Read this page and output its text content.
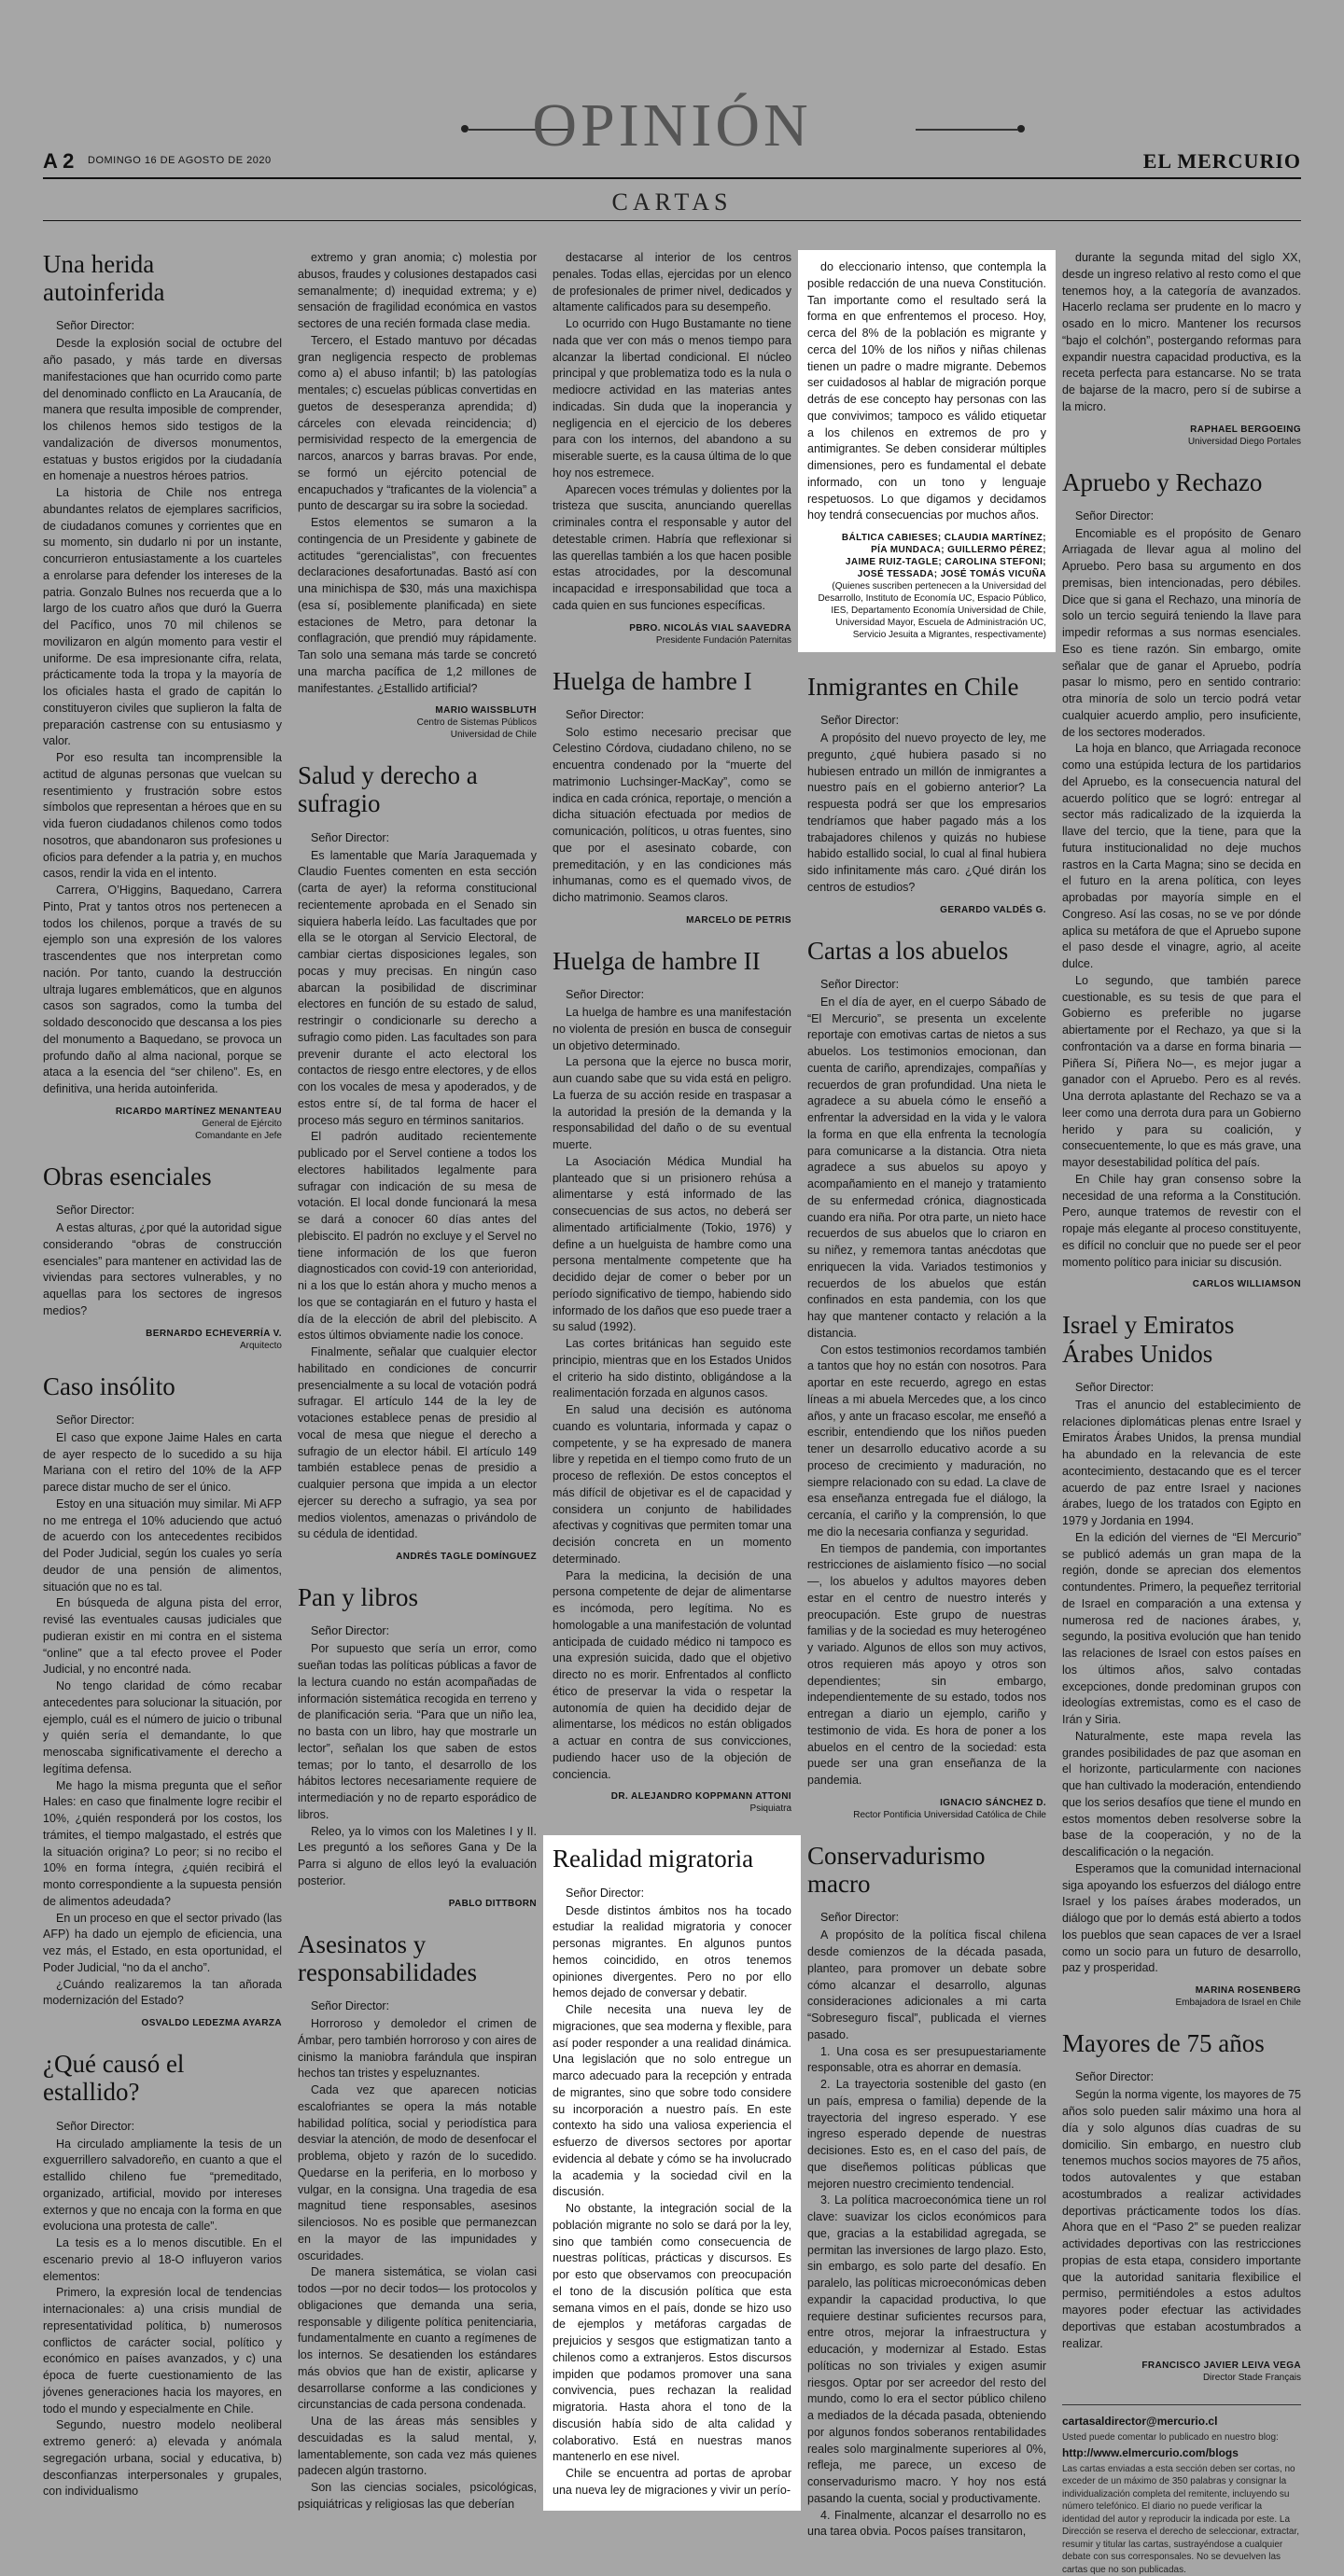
OPINIÓN
A 2 DOMINGO 16 DE AGOSTO DE 2020	EL MERCURIO
CARTAS
Una herida autoinferida
Señor Director:

Desde la explosión social de octubre del año pasado, y más tarde en diversas manifestaciones que han ocurrido como parte del denominado conflicto en La Araucanía, de manera que resulta imposible de comprender, los chilenos hemos sido testigos de la vandalización de diversos monumentos, estatuas y bustos erigidos por la ciudadanía en homenaje a nuestros héroes patrios.

La historia de Chile nos entrega abundantes relatos de ejemplares sacrificios, de ciudadanos comunes y corrientes que en su momento, sin dudarlo ni por un instante, concurrieron entusiastamente a los cuarteles a enrolarse para defender los intereses de la patria. Gonzalo Bulnes nos recuerda que a lo largo de los cuatro años que duró la Guerra del Pacífico, unos 70 mil chilenos se movilizaron en algún momento para vestir el uniforme. De esa impresionante cifra, relata, prácticamente toda la tropa y la mayoría de los oficiales hasta el grado de capitán lo constituyeron civiles que suplieron la falta de preparación castrense con su entusiasmo y valor.

Por eso resulta tan incomprensible la actitud de algunas personas que vuelcan su resentimiento y frustración sobre estos símbolos que representan a héroes que en su vida fueron ciudadanos chilenos como todos nosotros, que abandonaron sus profesiones u oficios para defender a la patria y, en muchos casos, rendir la vida en el intento.

Carrera, O’Higgins, Baquedano, Carrera Pinto, Prat y tantos otros nos pertenecen a todos los chilenos, porque a través de su ejemplo son una expresión de los valores trascendentes que nos interpretan como nación. Por tanto, cuando la destrucción ultraja lugares emblemáticos, que en algunos casos son sagrados, como la tumba del soldado desconocido que descansa a los pies del monumento a Baquedano, se provoca un profundo daño al alma nacional, porque se ataca a la esencia del “ser chileno”. Es, en definitiva, una herida autoinferida.

RICARDO MARTÍNEZ MENANTEAU
General de Ejército
Comandante en Jefe
Obras esenciales
Señor Director:

A estas alturas, ¿por qué la autoridad sigue considerando “obras de construcción esenciales” para mantener en actividad las de viviendas para sectores vulnerables, y no aquellas para los sectores de ingresos medios?

BERNARDO ECHEVERRÍA V.
Arquitecto
Caso insólito
Señor Director:

El caso que expone Jaime Hales en carta de ayer respecto de lo sucedido a su hija Mariana con el retiro del 10% de la AFP parece distar mucho de ser el único.

Estoy en una situación muy similar. Mi AFP no me entrega el 10% aduciendo que actuó de acuerdo con los antecedentes recibidos del Poder Judicial, según los cuales yo sería deudor de una pensión de alimentos, situación que no es tal.

En búsqueda de alguna pista del error, revisé las eventuales causas judiciales que pudieran existir en mi contra en el sistema “online” que a tal efecto provee el Poder Judicial, y no encontré nada.

No tengo claridad de cómo recabar antecedentes para solucionar la situación, por ejemplo, cuál es el número de juicio o tribunal y quién sería el demandante, lo que menoscaba significativamente el derecho a legítima defensa.

Me hago la misma pregunta que el señor Hales: en caso que finalmente logre recibir el 10%, ¿quién responderá por los costos, los trámites, el tiempo malgastado, el estrés que la situación origina? Lo peor; si no recibo el 10% en forma íntegra, ¿quién recibirá el monto correspondiente a la supuesta pensión de alimentos adeudada?

En un proceso en que el sector privado (las AFP) ha dado un ejemplo de eficiencia, una vez más, el Estado, en esta oportunidad, el Poder Judicial, “no da el ancho”.

¿Cuándo realizaremos la tan añorada modernización del Estado?

OSVALDO LEDEZMA AYARZA
¿Qué causó el estallido?
Señor Director:

Ha circulado ampliamente la tesis de un exguerrillero salvadoreño, en cuanto a que el estallido chileno fue “premeditado, organizado, artificial, movido por intereses externos y que no encaja con la forma en que evoluciona una protesta de calle”.

La tesis es a lo menos discutible. En el escenario previo al 18-O influyeron varios elementos:

Primero, la expresión local de tendencias internacionales: a) una crisis mundial de representatividad política, b) numerosos conflictos de carácter social, político y económico en países avanzados, y c) una época de fuerte cuestionamiento de las jóvenes generaciones hacia los mayores, en todo el mundo y especialmente en Chile.

Segundo, nuestro modelo neoliberal extremo generó: a) elevada y anómala segregación urbana, social y educativa, b) desconfianzas interpersonales y grupales, con individualismo

extremo y gran anomia; c) molestia por abusos, fraudes y colusiones destapados casi semanalmente; d) inequidad extrema; y e) sensación de fragilidad económica en vastos sectores de una recién formada clase media.

Tercero, el Estado mantuvo por décadas gran negligencia respecto de problemas como a) el abuso infantil; b) las patologías mentales; c) escuelas públicas convertidas en guetos de desesperanza aprendida; d) cárceles con elevada reincidencia; d) permisividad respecto de la emergencia de narcos, anarcos y barras bravas. Por ende, se formó un ejército potencial de encapuchados y “traficantes de la violencia” a punto de descargar su ira sobre la sociedad.

Estos elementos se sumaron a la contingencia de un Presidente y gabinete de actitudes “gerencialistas”, con frecuentes declaraciones desafortunadas. Bastó así con una minichispa de $30, más una maxichispa (esa sí, posiblemente planificada) en siete estaciones de Metro, para detonar la conflagración, que prendió muy rápidamente. Tan solo una semana más tarde se concretó una marcha pacífica de 1,2 millones de manifestantes. ¿Estallido artificial?

MARIO WAISSBLUTH
Centro de Sistemas Públicos
Universidad de Chile
Salud y derecho a sufragio
Señor Director:

Es lamentable que María Jaraquemada y Claudio Fuentes comenten en esta sección (carta de ayer) la reforma constitucional recientemente aprobada en el Senado sin siquiera haberla leído. Las facultades que por ella se le otorgan al Servicio Electoral, de cambiar ciertas disposiciones legales, son pocas y muy precisas. En ningún caso abarcan la posibilidad de discriminar electores en función de su estado de salud, restringir o condicionarle su derecho a sufragio como piden. Las facultades son para prevenir durante el acto electoral los contactos de riesgo entre electores, y de ellos con los vocales de mesa y apoderados, y de estos entre sí, de tal forma de hacer el proceso más seguro en términos sanitarios.

El padrón auditado recientemente publicado por el Servel contiene a todos los electores habilitados legalmente para sufragar con indicación de su mesa de votación. El local donde funcionará la mesa se dará a conocer 60 días antes del plebiscito. El padrón no excluye y el Servel no tiene información de los que fueron diagnosticados con covid-19 con anterioridad, ni a los que lo están ahora y mucho menos a los que se contagiarán en el futuro y hasta el día de la elección de abril del plebiscito. A estos últimos obviamente nadie los conoce.

Finalmente, señalar que cualquier elector habilitado en condiciones de concurrir presencialmente a su local de votación podrá sufragar. El artículo 144 de la ley de votaciones establece penas de presidio al vocal de mesa que niegue el derecho a sufragio de un elector hábil. El artículo 149 también establece penas de presidio a cualquier persona que impida a un elector ejercer su derecho a sufragio, ya sea por medios violentos, amenazas o privándolo de su cédula de identidad.

ANDRÉS TAGLE DOMÍNGUEZ
Pan y libros
Señor Director:

Por supuesto que sería un error, como sueñan todas las políticas públicas a favor de la lectura cuando no están acompañadas de información sistemática recogida en terreno y de planificación seria. “Para que un niño lea, no basta con un libro, hay que mostrarle un lector”, señalan los que saben de estos temas; por lo tanto, el desarrollo de los hábitos lectores necesariamente requiere de intermediación y no de reparto esporádico de libros.

Releo, ya lo vimos con los Maletines I y II. Les preguntó a los señores Gana y De la Parra si alguno de ellos leyó la evaluación posterior.

PABLO DITTBORN
Asesinatos y responsabilidades
Señor Director:

Horroroso y demoledor el crimen de Ámbar, pero también horroroso y con aires de cinismo la maniobra farándula que inspiran hechos tan tristes y espeluznantes.

Cada vez que aparecen noticias escalofriantes se opera la más notable habilidad política, social y periodística para desviar la atención, de modo de desenfocar el problema, objeto y razón de lo sucedido. Quedarse en la periferia, en lo morboso y vulgar, en la consigna. Una tragedia de esa magnitud tiene responsables, asesinos silenciosos. No es posible que permanezcan en la mayor de las impunidades y oscuridades.

De manera sistemática, se violan casi todos —por no decir todos— los protocolos y obligaciones que demanda una seria, responsable y diligente política penitenciaria, fundamentalmente en cuanto a regímenes de los internos. Se desatienden los estándares más obvios que han de existir, aplicarse y desarrollarse conforme a las condiciones y circunstancias de cada persona condenada.

Una de las áreas más sensibles y descuidadas es la salud mental, y, lamentablemente, son cada vez más quienes padecen algún trastorno.

Son las ciencias sociales, psicológicas, psiquiátricas y religiosas las que deberían

destacarse al interior de los centros penales. Todas ellas, ejercidas por un elenco de profesionales de primer nivel, dedicados y altamente calificados para su desempeño.

Lo ocurrido con Hugo Bustamante no tiene nada que ver con más o menos tiempo para alcanzar la libertad condicional. El núcleo principal y que problematiza todo es la nula o mediocre actividad en las materias antes indicadas. Sin duda que la inoperancia y negligencia en el ejercicio de los deberes para con los internos, del abandono a su miserable suerte, es la causa última de lo que hoy nos estremece.

Aparecen voces trémulas y dolientes por la tristeza que suscita, anunciando querellas criminales contra el responsable y autor del detestable crimen. Habría que reflexionar si las querellas también a los que hacen posible estas atrocidades, por la descomunal incapacidad e irresponsabilidad que toca a cada quien en sus funciones específicas.

PBRO. NICOLÁS VIAL SAAVEDRA
Presidente Fundación Paternitas
Huelga de hambre I
Señor Director:

Solo estimo necesario precisar que Celestino Córdova, ciudadano chileno, no se encuentra condenado por la “muerte del matrimonio Luchsinger-MacKay”, como se indica en cada crónica, reportaje, o mención a dicha situación efectuada por medios de comunicación, políticos, u otras fuentes, sino que por el asesinato cobarde, con premeditación, y en las condiciones más inhumanas, como es el quemado vivos, de dicho matrimonio. Seamos claros.

MARCELO DE PETRIS
Huelga de hambre II
Señor Director:

La huelga de hambre es una manifestación no violenta de presión en busca de conseguir un objetivo determinado.

La persona que la ejerce no busca morir, aun cuando sabe que su vida está en peligro. La fuerza de su acción reside en traspasar a la autoridad la presión de la demanda y la responsabilidad del daño o de su eventual muerte.

La Asociación Médica Mundial ha planteado que si un prisionero rehúsa a alimentarse y está informado de las consecuencias de sus actos, no deberá ser alimentado artificialmente (Tokio, 1976) y define a un huelguista de hambre como una persona mentalmente competente que ha decidido dejar de comer o beber por un período significativo de tiempo, habiendo sido informado de los daños que eso puede traer a su salud (1992).

Las cortes británicas han seguido este principio, mientras que en los Estados Unidos el criterio ha sido distinto, obligándose a la realimentación forzada en algunos casos.

En salud una decisión es autónoma cuando es voluntaria, informada y capaz o competente, y se ha expresado de manera libre y repetida en el tiempo como fruto de un proceso de reflexión. De estos conceptos el más difícil de objetivar es el de capacidad y considera un conjunto de habilidades afectivas y cognitivas que permiten tomar una decisión concreta en un momento determinado.

Para la medicina, la decisión de una persona competente de dejar de alimentarse es incómoda, pero legítima. No es homologable a una manifestación de voluntad anticipada de cuidado médico ni tampoco es una expresión suicida, dado que el objetivo directo no es morir. Enfrentados al conflicto ético de preservar la vida o respetar la autonomía de quien ha decidido dejar de alimentarse, los médicos no están obligados a actuar en contra de sus convicciones, pudiendo hacer uso de la objeción de conciencia.

DR. ALEJANDRO KOPPMANN ATTONI
Psiquiatra
Realidad migratoria
Señor Director:

Desde distintos ámbitos nos ha tocado estudiar la realidad migratoria y conocer personas migrantes. En algunos puntos hemos coincidido, en otros tenemos opiniones divergentes. Pero no por ello hemos dejado de conversar y debatir.

Chile necesita una nueva ley de migraciones, que sea moderna y flexible, para así poder responder a una realidad dinámica. Una legislación que no solo entregue un marco adecuado para la recepción y entrada de migrantes, sino que sobre todo considere su incorporación a nuestro país. En este contexto ha sido una valiosa experiencia el esfuerzo de diversos sectores por aportar evidencia al debate y cómo se ha involucrado la academia y la sociedad civil en la discusión.

No obstante, la integración social de la población migrante no solo se dará por la ley, sino que también como consecuencia de nuestras políticas, prácticas y discursos. Es por esto que observamos con preocupación el tono de la discusión política que esta semana vimos en el país, donde se hizo uso de ejemplos y metáforas cargadas de prejuicios y sesgos que estigmatizan tanto a chilenos como a extranjeros. Estos discursos impiden que podamos promover una sana convivencia, pues rechazan la realidad migratoria. Hasta ahora el tono de la discusión había sido de alta calidad y colaborativo. Está en nuestras manos mantenerlo en ese nivel.

Chile se encuentra ad portas de aprobar una nueva ley de migraciones y vivir un perío-

do eleccionario intenso, que contempla la posible redacción de una nueva Constitución. Tan importante como el resultado será la forma en que enfrentemos el proceso. Hoy, cerca del 8% de la población es migrante y cerca del 10% de los niños y niñas chilenas tienen un padre o madre migrante. Debemos ser cuidadosos al hablar de migración porque detrás de ese concepto hay personas con las que convivimos; tampoco es válido etiquetar a los chilenos en extremos de pro y antimigrantes. Se deben considerar múltiples dimensiones, pero es fundamental el debate informado, con un tono y lenguaje respetuosos. Lo que digamos y decidamos hoy tendrá consecuencias por muchos años.

BÁLTICA CABIESES; CLAUDIA MARTÍNEZ;
PÍA MUNDACA; GUILLERMO PÉREZ;
JAIME RUIZ-TAGLE; CAROLINA STEFONI;
JOSÉ TESSADA; JOSÉ TOMÁS VICUÑA
(Quienes suscriben pertenecen a la Universidad del Desarrollo, Instituto de Economía UC, Espacio Público, IES, Departamento Economía Universidad de Chile, Universidad Mayor, Escuela de Administración UC, Servicio Jesuita a Migrantes, respectivamente)
Inmigrantes en Chile
Señor Director:

A propósito del nuevo proyecto de ley, me pregunto, ¿qué hubiera pasado si no hubiesen entrado un millón de inmigrantes a nuestro país en el gobierno anterior? La respuesta podrá ser que los empresarios tendríamos que haber pagado más a los trabajadores chilenos y quizás no hubiese habido estallido social, lo cual al final hubiera sido infinitamente más caro. ¿Qué dirán los centros de estudios?

GERARDO VALDÉS G.
Cartas a los abuelos
Señor Director:

En el día de ayer, en el cuerpo Sábado de “El Mercurio”, se presenta un excelente reportaje con emotivas cartas de nietos a sus abuelos. Los testimonios emocionan, dan cuenta de cariño, aprendizajes, compañías y recuerdos de gran profundidad. Una nieta le agradece a su abuela cómo le enseñó a enfrentar la adversidad en la vida y le valora la forma en que ella enfrenta la tecnología para comunicarse a la distancia. Otra nieta agradece a sus abuelos su apoyo y acompañamiento en el manejo y tratamiento de su enfermedad crónica, diagnosticada cuando era niña. Por otra parte, un nieto hace recuerdos de sus abuelos que lo criaron en su niñez, y rememora tantas anécdotas que enriquecen la vida. Variados testimonios y recuerdos de los abuelos que están confinados en esta pandemia, con los que hay que mantener contacto y relación a la distancia.

Con estos testimonios recordamos también a tantos que hoy no están con nosotros. Para aportar en este recuerdo, agrego en estas líneas a mi abuela Mercedes que, a los cinco años, y ante un fracaso escolar, me enseñó a escribir, entendiendo que los niños pueden tener un desarrollo educativo acorde a su proceso de crecimiento y maduración, no siempre relacionado con su edad. La clave de esa enseñanza entregada fue el diálogo, la cercanía, el cariño y la comprensión, lo que me dio la necesaria confianza y seguridad.

En tiempos de pandemia, con importantes restricciones de aislamiento físico —no social—, los abuelos y adultos mayores deben estar en el centro de nuestro interés y preocupación. Este grupo de nuestras familias y de la sociedad es muy heterogéneo y variado. Algunos de ellos son muy activos, otros requieren más apoyo y otros son dependientes; sin embargo, independientemente de su estado, todos nos entregan a diario un ejemplo, cariño y testimonio de vida. Es hora de poner a los abuelos en el centro de la sociedad: esta puede ser una gran enseñanza de la pandemia.

IGNACIO SÁNCHEZ D.
Rector Pontificia Universidad Católica de Chile
Conservadurismo macro
Señor Director:

A propósito de la política fiscal chilena desde comienzos de la década pasada, planteo, para promover un debate sobre cómo alcanzar el desarrollo, algunas consideraciones adicionales a mi carta “Sobreseguro fiscal”, publicada el viernes pasado.

1. Una cosa es ser presupuestariamente responsable, otra es ahorrar en demasía.

2. La trayectoria sostenible del gasto (en un país, empresa o familia) depende de la trayectoria del ingreso esperado. Y ese ingreso esperado depende de nuestras decisiones. Esto es, en el caso del país, de que diseñemos políticas públicas que mejoren nuestro crecimiento tendencial.

3. La política macroeconómica tiene un rol clave: suavizar los ciclos económicos para que, gracias a la estabilidad agregada, se permitan las inversiones de largo plazo. Esto, sin embargo, es solo parte del desafío. En paralelo, las políticas microeconómicas deben expandir la capacidad productiva, lo que requiere destinar suficientes recursos para, entre otros, mejorar la infraestructura y educación, y modernizar al Estado. Estas políticas no son triviales y exigen asumir riesgos. Optar por ser acreedor del resto del mundo, como lo era el sector público chileno a mediados de la década pasada, obteniendo por algunos fondos soberanos rentabilidades reales solo marginalmente superiores al 0%, refleja, me parece, un exceso de conservadurismo macro. Y hoy nos está pasando la cuenta, social y productivamente.

4. Finalmente, alcanzar el desarrollo no es una tarea obvia. Pocos países transitaron,

durante la segunda mitad del siglo XX, desde un ingreso relativo al resto como el que tenemos hoy, a la categoría de avanzados. Hacerlo reclama ser prudente en lo macro y osado en lo micro. Mantener los recursos “bajo el colchón”, postergando reformas para expandir nuestra capacidad productiva, es la receta perfecta para estancarse. No se trata de bajarse de la macro, pero sí de subirse a la micro.

RAPHAEL BERGOEING
Universidad Diego Portales
Apruebo y Rechazo
Señor Director:

Encomiable es el propósito de Genaro Arriagada de llevar agua al molino del Apruebo. Pero basa su argumento en dos premisas, bien intencionadas, pero débiles. Dice que si gana el Rechazo, una minoría de solo un tercio seguirá teniendo la llave para impedir reformas a sus normas esenciales. Eso es tiene razón. Sin embargo, omite señalar que de ganar el Apruebo, podría pasar lo mismo, pero en sentido contrario: otra minoría de solo un tercio podrá vetar cualquier acuerdo amplio, pero insuficiente, de los sectores moderados.

La hoja en blanco, que Arriagada reconoce como una estúpida lectura de los partidarios del Apruebo, es la consecuencia natural del acuerdo político que se logró: entregar al sector más radicalizado de la izquierda la llave del tercio, que la tiene, para que la futura institucionalidad no deje muchos rastros en la Carta Magna; sino se decida en el futuro en la arena política, con leyes aprobadas por mayoría simple en el Congreso. Así las cosas, no se ve por dónde aplica su metáfora de que el Apruebo supone el paso desde el vinagre, agrio, al aceite dulce.

Lo segundo, que también parece cuestionable, es su tesis de que para el Gobierno es preferible no jugarse abiertamente por el Rechazo, ya que si la confrontación va a darse en forma binaria —Piñera Sí, Piñera No—, es mejor jugar a ganador con el Apruebo. Pero es al revés. Una derrota aplastante del Rechazo se va a leer como una derrota dura para un Gobierno herido y para su coalición, y consecuentemente, lo que es más grave, una mayor desestabilidad política del país.

En Chile hay gran consenso sobre la necesidad de una reforma a la Constitución. Pero, aunque tratemos de revestir con el ropaje más elegante al proceso constituyente, es difícil no concluir que no puede ser el peor momento político para iniciar su discusión.

CARLOS WILLIAMSON
Israel y Emiratos Árabes Unidos
Señor Director:

Tras el anuncio del establecimiento de relaciones diplomáticas plenas entre Israel y Emiratos Árabes Unidos, la prensa mundial ha abundado en la relevancia de este acontecimiento, destacando que es el tercer acuerdo de paz entre Israel y naciones árabes, luego de los tratados con Egipto en 1979 y Jordania en 1994.

En la edición del viernes de “El Mercurio” se publicó además un gran mapa de la región, donde se aprecian dos elementos contundentes. Primero, la pequeñez territorial de Israel en comparación a una extensa y numerosa red de naciones árabes, y, segundo, la positiva evolución que han tenido las relaciones de Israel con estos países en los últimos años, salvo contadas excepciones, donde predominan grupos con ideologías extremistas, como es el caso de Irán y Siria.

Naturalmente, este mapa revela las grandes posibilidades de paz que asoman en el horizonte, particularmente con naciones que han cultivado la moderación, entendiendo que los serios desafíos que tiene el mundo en estos momentos deben resolverse sobre la base de la cooperación, y no de la descalificación o la negación.

Esperamos que la comunidad internacional siga apoyando los esfuerzos del diálogo entre Israel y los países árabes moderados, un diálogo que por lo demás está abierto a todos los pueblos que sean capaces de ver a Israel como un socio para un futuro de desarrollo, paz y prosperidad.

MARINA ROSENBERG
Embajadora de Israel en Chile
Mayores de 75 años
Señor Director:

Según la norma vigente, los mayores de 75 años solo pueden salir máximo una hora al día y solo algunos días cuadras de su domicilio. Sin embargo, en nuestro club tenemos muchos socios mayores de 75 años, todos autovalentes y que estaban acostumbrados a realizar actividades deportivas prácticamente todos los días. Ahora que en el “Paso 2” se pueden realizar actividades deportivas con las restricciones propias de esta etapa, considero importante que la autoridad sanitaria flexibilice el permiso, permitiéndoles a estos adultos mayores poder efectuar las actividades deportivas que estaban acostumbrados a realizar.

FRANCISCO JAVIER LEIVA VEGA
Director Stade Français

cartasaldirector@mercurio.cl

Usted puede comentar lo publicado en nuestro blog:

http://www.elmercurio.com/blogs

Las cartas enviadas a esta sección deben ser cortas, no exceder de un máximo de 350 palabras y consignar la individualización completa del remitente, incluyendo su número telefónico. El diario no puede verificar la identidad del autor y reproducir la indicada por este. La Dirección se reserva el derecho de seleccionar, extractar, resumir y titular las cartas, sustrayéndose a cualquier debate con sus corresponsales. No se devuelven las cartas que no son publicadas.
